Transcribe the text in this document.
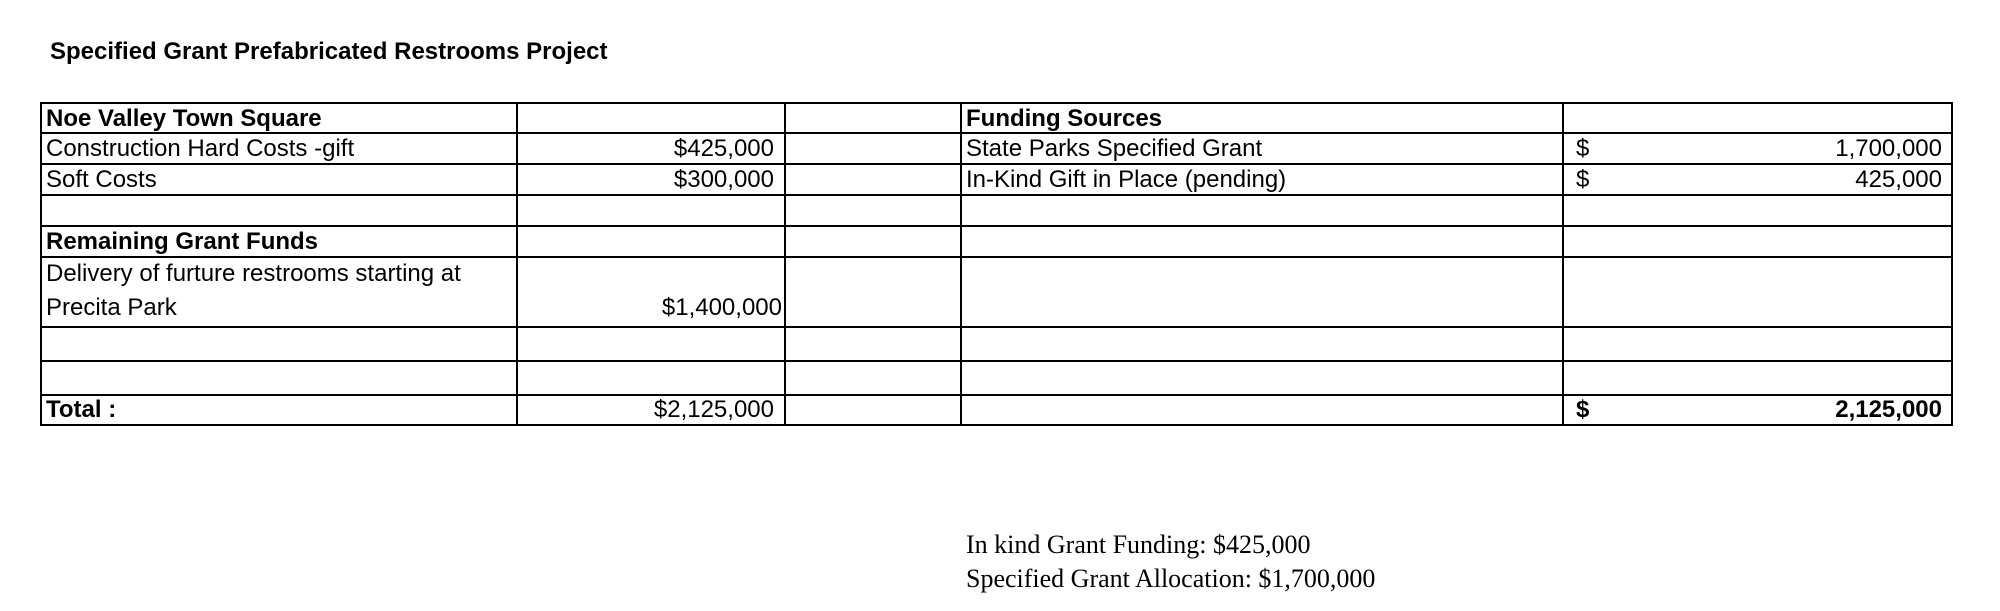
Specified Grant Prefabricated Restrooms Project
Noe Valley Town Square	Funding Sources
Construction Hard Costs -gift	$425,000	State Parks Specified Grant	$	1,700,000
Soft Costs	$300,000	In-Kind Gift in Place (pending)	$	425,000
Remaining Grant Funds
Delivery of furture restrooms starting at
Precita Park	$1,400,000
Total :	$2,125,000	$	2,125,000
In kind Grant Funding: $425,000
Specified Grant Allocation: $1,700,000
